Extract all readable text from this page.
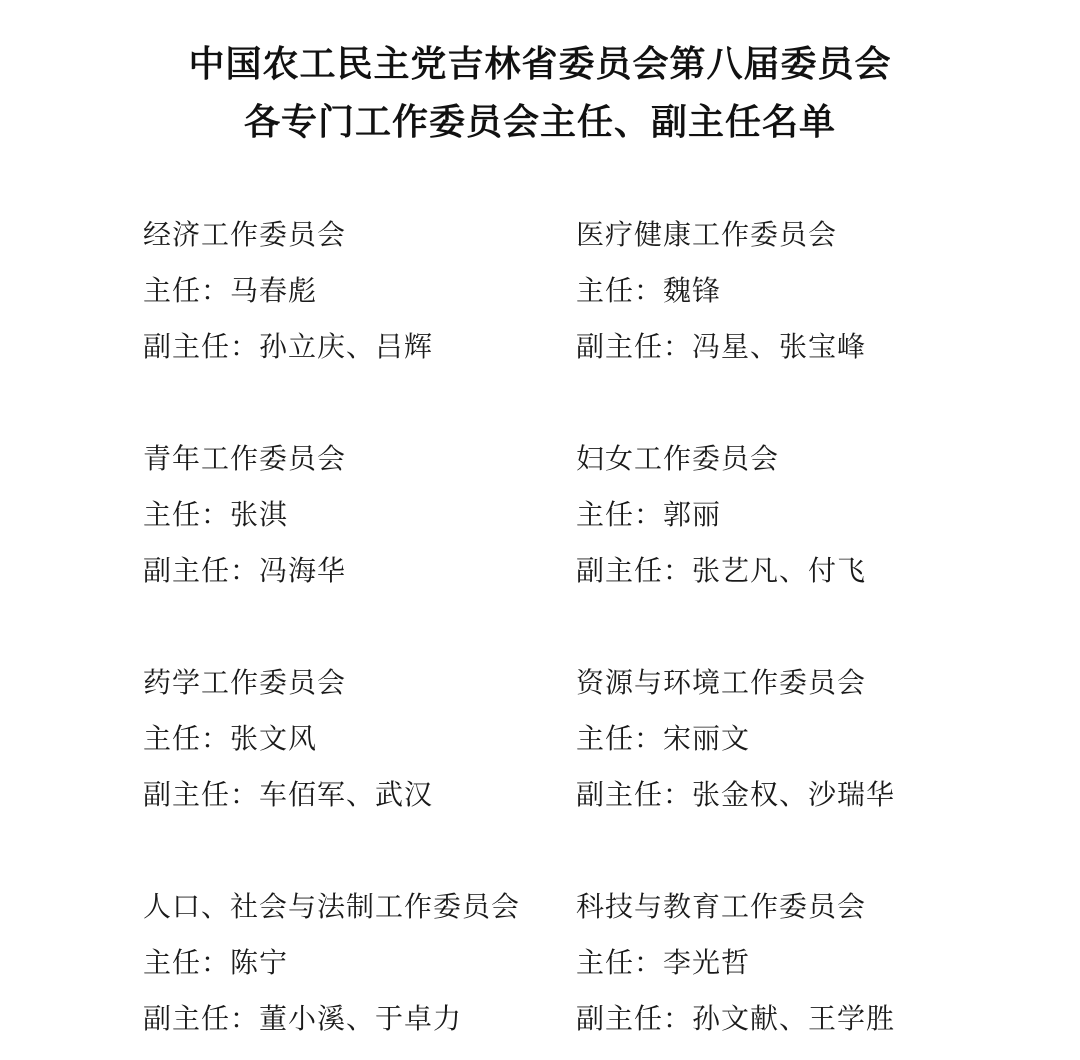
中国农工民主党吉林省委员会第八届委员会
各专门工作委员会主任、副主任名单
经济工作委员会
主任：马春彪
副主任：孙立庆、吕辉
青年工作委员会
主任：张淇
副主任：冯海华
药学工作委员会
主任：张文风
副主任：车佰军、武汉
人口、社会与法制工作委员会
主任：陈宁
副主任：董小溪、于卓力
医疗健康工作委员会
主任：魏锋
副主任：冯星、张宝峰
妇女工作委员会
主任：郭丽
副主任：张艺凡、付飞
资源与环境工作委员会
主任：宋丽文
副主任：张金权、沙瑞华
科技与教育工作委员会
主任：李光哲
副主任：孙文献、王学胜
